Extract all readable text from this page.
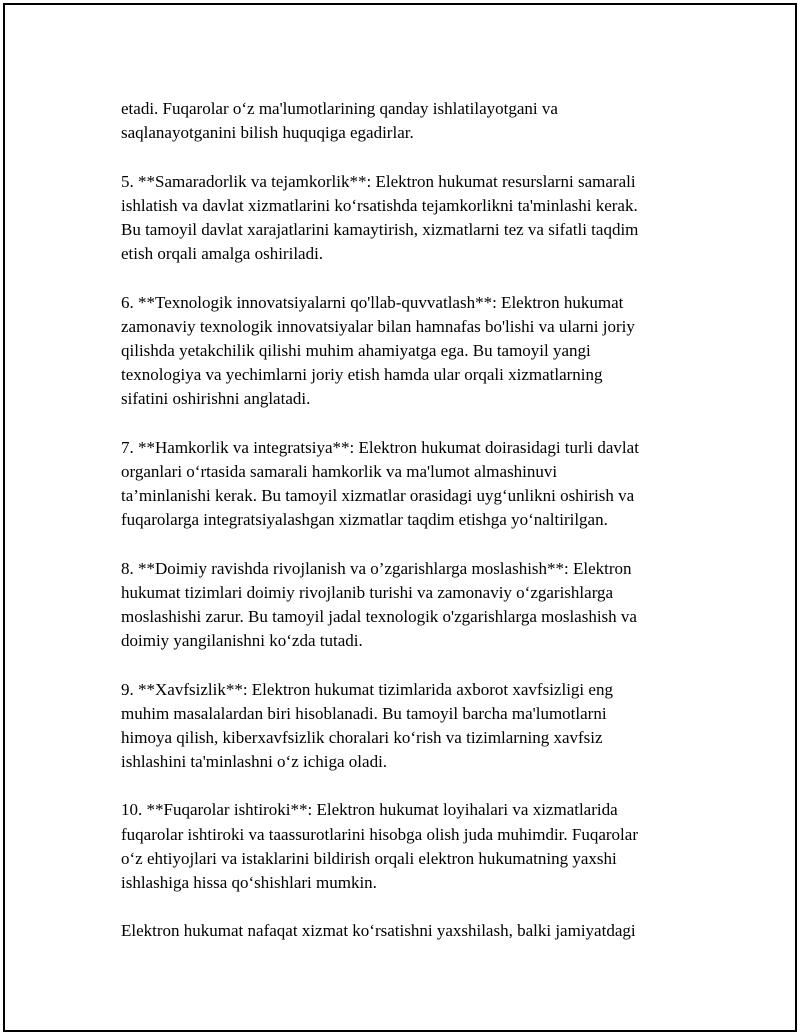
etadi. Fuqarolar o‘z ma'lumotlarining qanday ishlatilayotgani va
saqlanayotganini bilish huquqiga egadirlar.
5. **Samaradorlik va tejamkorlik**: Elektron hukumat resurslarni samarali
ishlatish va davlat xizmatlarini ko‘rsatishda tejamkorlikni ta'minlashi kerak.
Bu tamoyil davlat xarajatlarini kamaytirish, xizmatlarni tez va sifatli taqdim
etish orqali amalga oshiriladi.
6. **Texnologik innovatsiyalarni qo'llab-quvvatlash**: Elektron hukumat
zamonaviy texnologik innovatsiyalar bilan hamnafas bo'lishi va ularni joriy
qilishda yetakchilik qilishi muhim ahamiyatga ega. Bu tamoyil yangi
texnologiya va yechimlarni joriy etish hamda ular orqali xizmatlarning
sifatini oshirishni anglatadi.
7. **Hamkorlik va integratsiya**: Elektron hukumat doirasidagi turli davlat
organlari o‘rtasida samarali hamkorlik va ma'lumot almashinuvi
ta’minlanishi kerak. Bu tamoyil xizmatlar orasidagi uyg‘unlikni oshirish va
fuqarolarga integratsiyalashgan xizmatlar taqdim etishga yo‘naltirilgan.
8. **Doimiy ravishda rivojlanish va o’zgarishlarga moslashish**: Elektron
hukumat tizimlari doimiy rivojlanib turishi va zamonaviy o‘zgarishlarga
moslashishi zarur. Bu tamoyil jadal texnologik o'zgarishlarga moslashish va
doimiy yangilanishni ko‘zda tutadi.
9. **Xavfsizlik**: Elektron hukumat tizimlarida axborot xavfsizligi eng
muhim masalalardan biri hisoblanadi. Bu tamoyil barcha ma'lumotlarni
himoya qilish, kiberxavfsizlik choralari ko‘rish va tizimlarning xavfsiz
ishlashini ta'minlashni o‘z ichiga oladi.
10. **Fuqarolar ishtiroki**: Elektron hukumat loyihalari va xizmatlarida
fuqarolar ishtiroki va taassurotlarini hisobga olish juda muhimdir. Fuqarolar
o‘z ehtiyojlari va istaklarini bildirish orqali elektron hukumatning yaxshi
ishlashiga hissa qo‘shishlari mumkin.
Elektron hukumat nafaqat xizmat ko‘rsatishni yaxshilash, balki jamiyatdagi
